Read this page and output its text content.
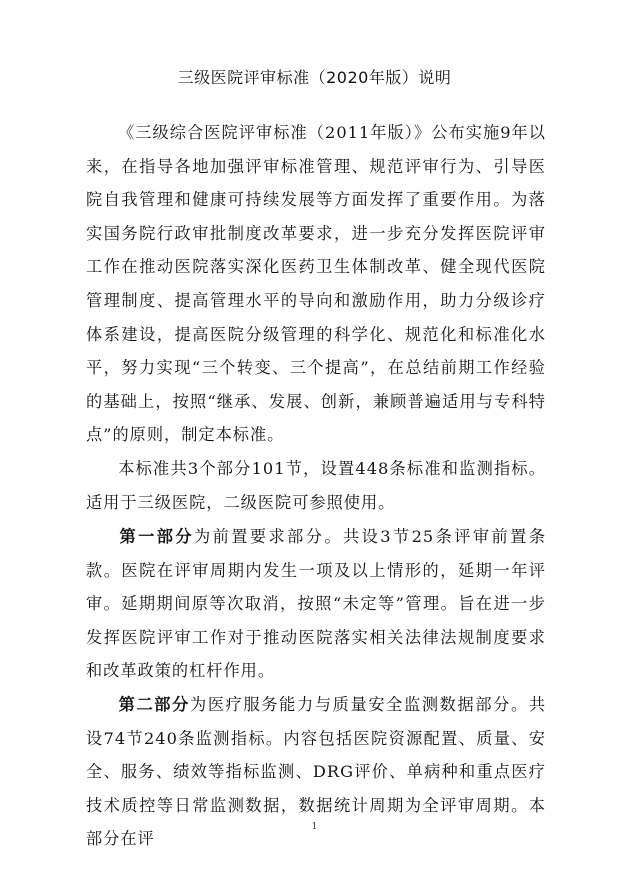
三级医院评审标准（2020年版）说明

《三级综合医院评审标准（2011年版）》公布实施9年以来，在指导各地加强评审标准管理、规范评审行为、引导医院自我管理和健康可持续发展等方面发挥了重要作用。为落实国务院行政审批制度改革要求，进一步充分发挥医院评审工作在推动医院落实深化医药卫生体制改革、健全现代医院管理制度、提高管理水平的导向和激励作用，助力分级诊疗体系建设，提高医院分级管理的科学化、规范化和标准化水平，努力实现“三个转变、三个提高”，在总结前期工作经验的基础上，按照“继承、发展、创新，兼顾普遍适用与专科特点”的原则，制定本标准。

本标准共3个部分101节，设置448条标准和监测指标。适用于三级医院，二级医院可参照使用。

第一部分为前置要求部分。共设3节25条评审前置条款。医院在评审周期内发生一项及以上情形的，延期一年评审。延期期间原等次取消，按照“未定等”管理。旨在进一步发挥医院评审工作对于推动医院落实相关法律法规制度要求和改革政策的杠杆作用。

第二部分为医疗服务能力与质量安全监测数据部分。共设74节240条监测指标。内容包括医院资源配置、质量、安全、服务、绩效等指标监测、DRG评价、单病种和重点医疗技术质控等日常监测数据，数据统计周期为全评审周期。本部分在评

1
